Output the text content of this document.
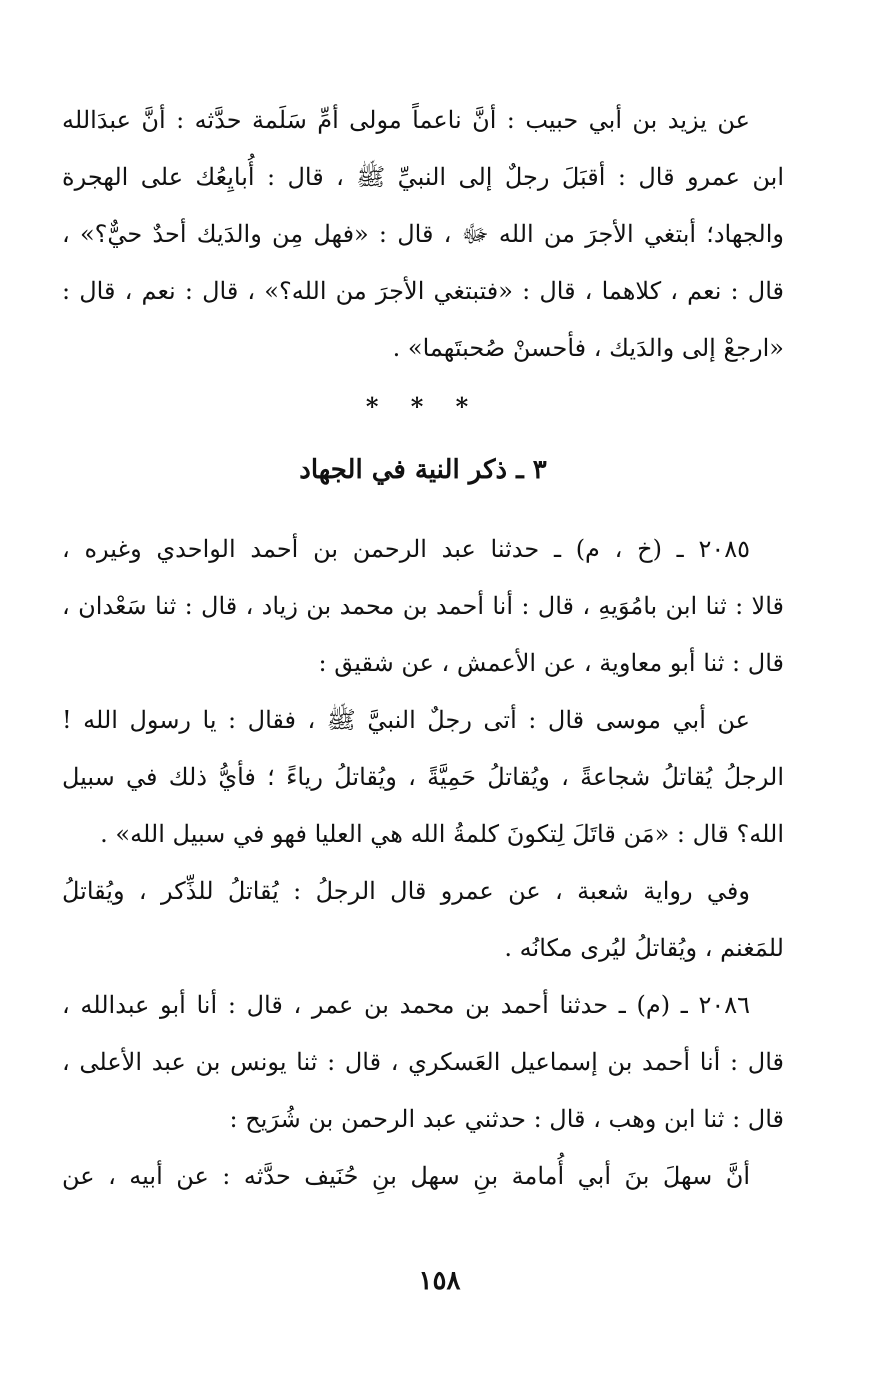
عن يزيد بن أبي حبيب : أنَّ ناعماً مولى أمِّ سَلَمة حدَّثه : أنَّ عبدَالله
ابن عمرو قال : أقبَلَ رجلٌ إلى النبيِّ ﷺ ، قال : أُبايِعُك على الهجرة
والجهاد؛ أبتغي الأجرَ من الله ﷻ ، قال : «فهل مِن والدَيك أحدٌ حيٌّ؟» ،
قال : نعم ، كلاهما ، قال : «فتبتغي الأجرَ من الله؟» ، قال : نعم ، قال :
«ارجعْ إلى والدَيك ، فأحسنْ صُحبتَهما» .
* * *
٣ ـ ذكر النية في الجهاد
٢٠٨٥ ـ (خ ، م) ـ حدثنا عبد الرحمن بن أحمد الواحدي وغيره ،
قالا : ثنا ابن بامُوَيهِ ، قال : أنا أحمد بن محمد بن زياد ، قال : ثنا سَعْدان ،
قال : ثنا أبو معاوية ، عن الأعمش ، عن شقيق :
عن أبي موسى قال : أتى رجلٌ النبيَّ ﷺ ، فقال : يا رسول الله !
الرجلُ يُقاتلُ شجاعةً ، ويُقاتلُ حَمِيَّةً ، ويُقاتلُ رياءً ؛ فأيُّ ذلك في سبيل
الله؟ قال : «مَن قاتَلَ لِتكونَ كلمةُ الله هي العليا فهو في سبيل الله» .
وفي رواية شعبة ، عن عمرو قال الرجلُ : يُقاتلُ للذِّكر ، ويُقاتلُ
للمَغنم ، ويُقاتلُ ليُرى مكانُه .
٢٠٨٦ ـ (م) ـ حدثنا أحمد بن محمد بن عمر ، قال : أنا أبو عبدالله ،
قال : أنا أحمد بن إسماعيل العَسكري ، قال : ثنا يونس بن عبد الأعلى ،
قال : ثنا ابن وهب ، قال : حدثني عبد الرحمن بن شُرَيح :
أنَّ سهلَ بنَ أبي أُمامة بنِ سهل بنِ حُنَيف حدَّثه : عن أبيه ، عن
١٥٨
